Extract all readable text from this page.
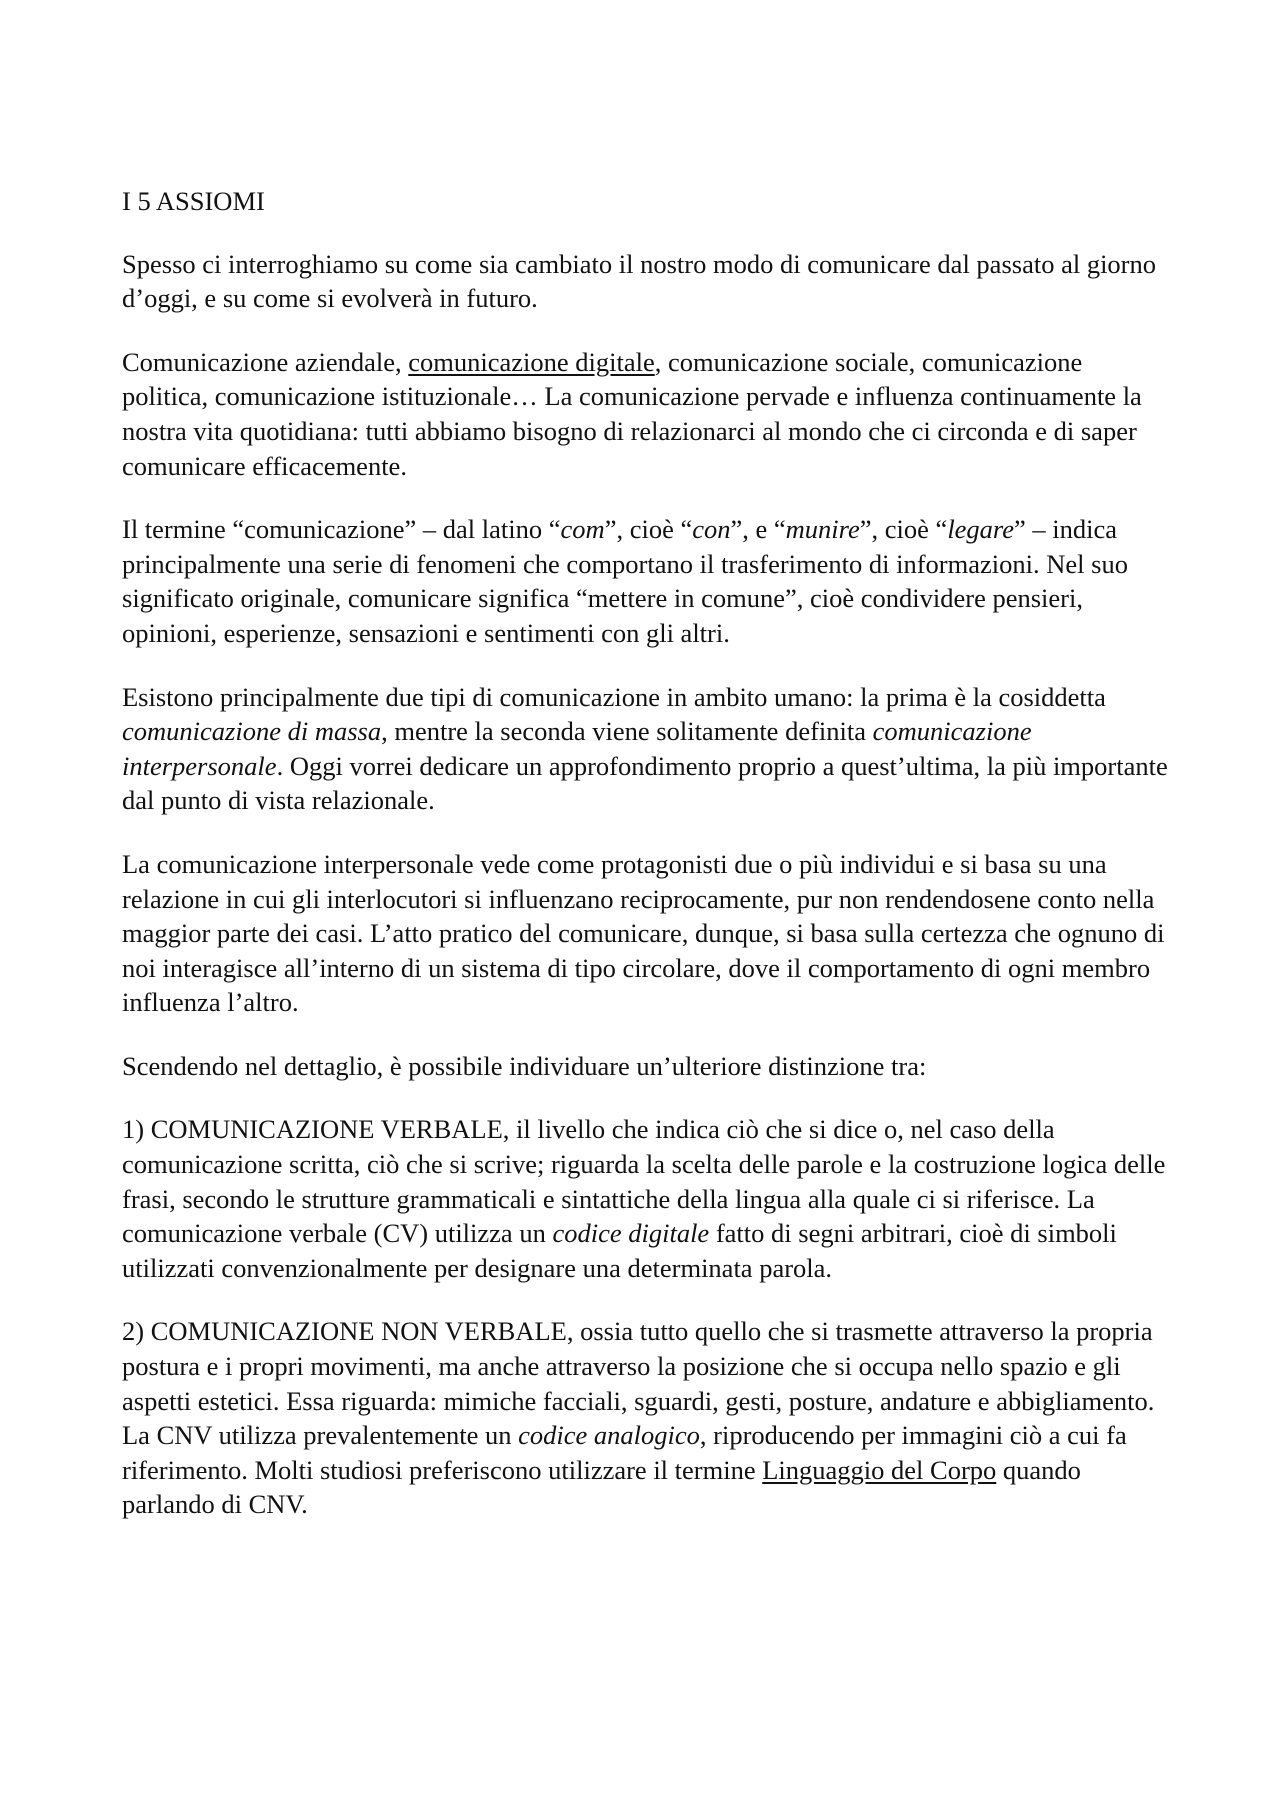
I 5 ASSIOMI

Spesso ci interroghiamo su come sia cambiato il nostro modo di comunicare dal passato al giorno d’oggi, e su come si evolverà in futuro.

Comunicazione aziendale, comunicazione digitale, comunicazione sociale, comunicazione politica, comunicazione istituzionale… La comunicazione pervade e influenza continuamente la nostra vita quotidiana: tutti abbiamo bisogno di relazionarci al mondo che ci circonda e di saper comunicare efficacemente.

Il termine “comunicazione” – dal latino “com”, cioè “con”, e “munire”, cioè “legare” – indica principalmente una serie di fenomeni che comportano il trasferimento di informazioni. Nel suo significato originale, comunicare significa “mettere in comune”, cioè condividere pensieri, opinioni, esperienze, sensazioni e sentimenti con gli altri.

Esistono principalmente due tipi di comunicazione in ambito umano: la prima è la cosiddetta comunicazione di massa, mentre la seconda viene solitamente definita comunicazione interpersonale. Oggi vorrei dedicare un approfondimento proprio a quest’ultima, la più importante dal punto di vista relazionale.

La comunicazione interpersonale vede come protagonisti due o più individui e si basa su una relazione in cui gli interlocutori si influenzano reciprocamente, pur non rendendosene conto nella maggior parte dei casi. L’atto pratico del comunicare, dunque, si basa sulla certezza che ognuno di noi interagisce all’interno di un sistema di tipo circolare, dove il comportamento di ogni membro influenza l’altro.

Scendendo nel dettaglio, è possibile individuare un’ulteriore distinzione tra:

1) COMUNICAZIONE VERBALE, il livello che indica ciò che si dice o, nel caso della comunicazione scritta, ciò che si scrive; riguarda la scelta delle parole e la costruzione logica delle frasi, secondo le strutture grammaticali e sintattiche della lingua alla quale ci si riferisce. La comunicazione verbale (CV) utilizza un codice digitale fatto di segni arbitrari, cioè di simboli utilizzati convenzionalmente per designare una determinata parola.

2) COMUNICAZIONE NON VERBALE, ossia tutto quello che si trasmette attraverso la propria postura e i propri movimenti, ma anche attraverso la posizione che si occupa nello spazio e gli aspetti estetici. Essa riguarda: mimiche facciali, sguardi, gesti, posture, andature e abbigliamento. La CNV utilizza prevalentemente un codice analogico, riproducendo per immagini ciò a cui fa riferimento. Molti studiosi preferiscono utilizzare il termine Linguaggio del Corpo quando parlando di CNV.
